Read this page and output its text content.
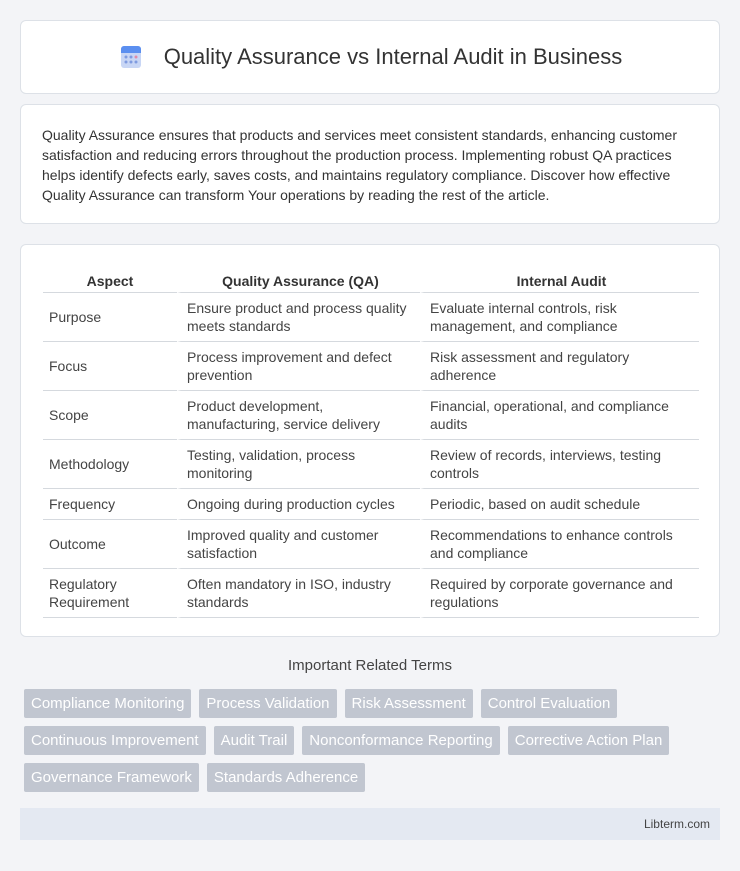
Quality Assurance vs Internal Audit in Business

Quality Assurance ensures that products and services meet consistent standards, enhancing customer satisfaction and reducing errors throughout the production process. Implementing robust QA practices helps identify defects early, saves costs, and maintains regulatory compliance. Discover how effective Quality Assurance can transform Your operations by reading the rest of the article.

Aspect	Quality Assurance (QA)	Internal Audit
Purpose	Ensure product and process quality meets standards	Evaluate internal controls, risk management, and compliance
Focus	Process improvement and defect prevention	Risk assessment and regulatory adherence
Scope	Product development, manufacturing, service delivery	Financial, operational, and compliance audits
Methodology	Testing, validation, process monitoring	Review of records, interviews, testing controls
Frequency	Ongoing during production cycles	Periodic, based on audit schedule
Outcome	Improved quality and customer satisfaction	Recommendations to enhance controls and compliance
Regulatory Requirement	Often mandatory in ISO, industry standards	Required by corporate governance and regulations
Important Related Terms
Compliance Monitoring	Process Validation	Risk Assessment	Control Evaluation
Continuous Improvement	Audit Trail	Nonconformance Reporting	Corrective Action Plan
Governance Framework	Standards Adherence
Libterm.com
